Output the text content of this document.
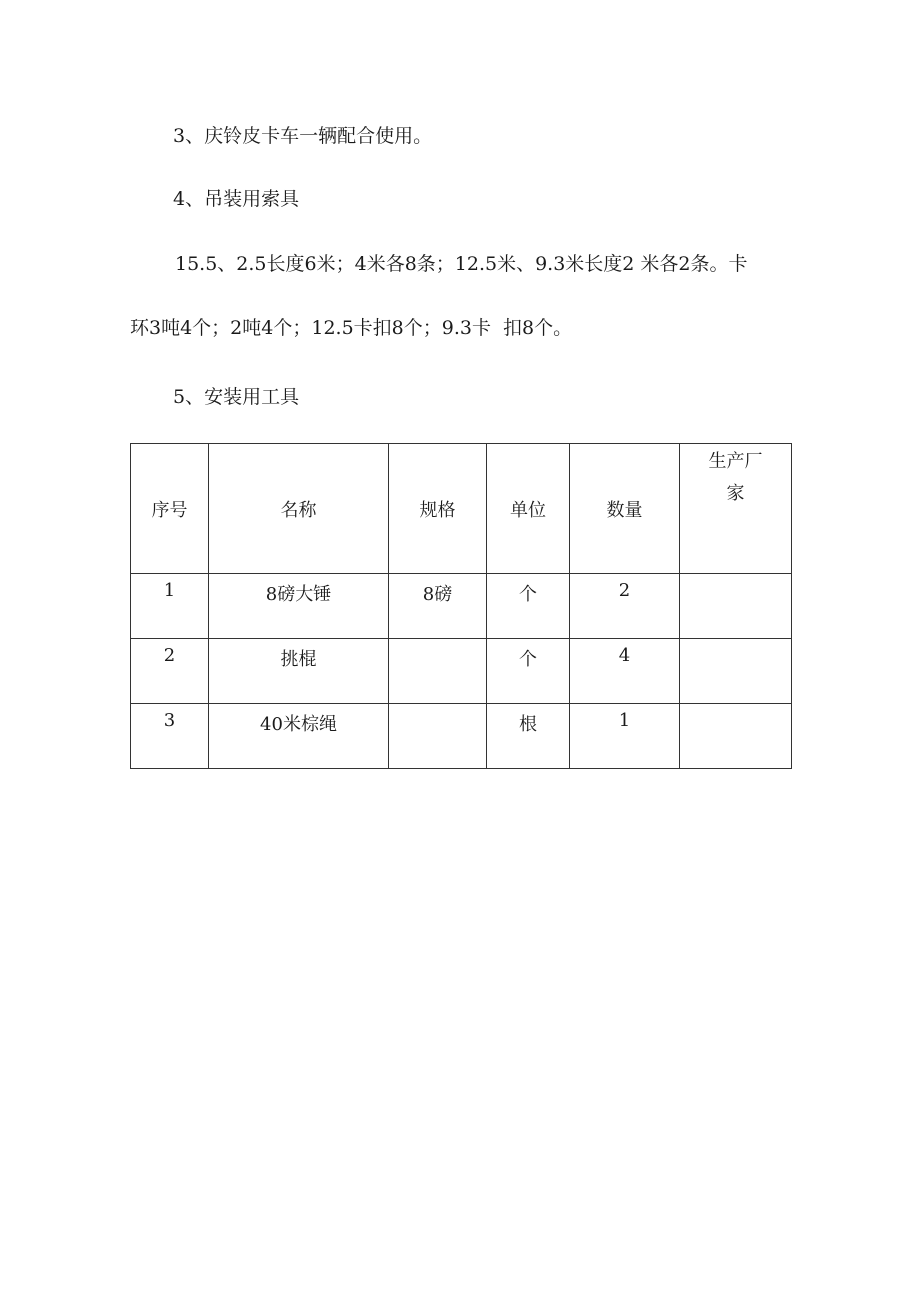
3、庆铃皮卡车一辆配合使用。
4、吊装用索具
15.5、2.5长度6米；4米各8条；12.5米、9.3米长度2 米各2条。卡
环3吨4个；2吨4个；12.5卡扣8个；9.3卡  扣8个。
5、安装用工具
序号	名称	规格	单位	数量	生产厂
家

1	8磅大锤	8磅	个	2	
2	挑棍		个	4	
3	40米棕绳		根	1	
